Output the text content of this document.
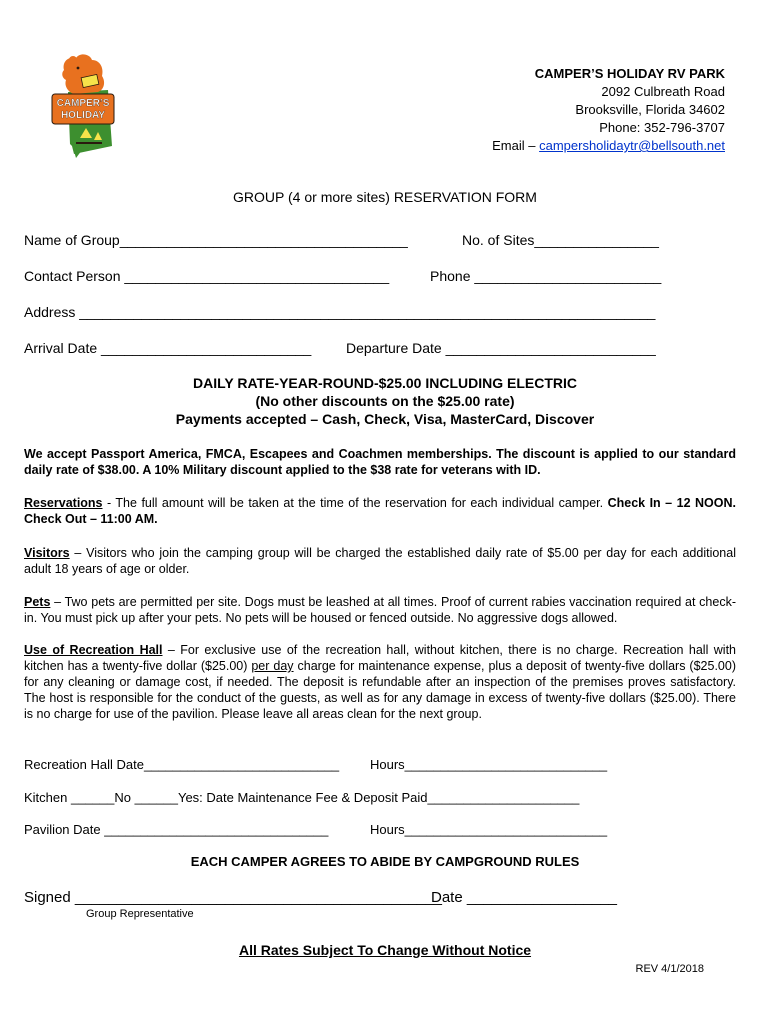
CAMPER’S
HOLIDAY
CAMPER’S HOLIDAY RV PARK
2092 Culbreath Road
Brooksville, Florida 34602
Phone: 352-796-3707
Email – campersholidaytr@bellsouth.net
GROUP (4 or more sites) RESERVATION FORM
Name of Group_____________________________________	No. of Sites________________
Contact Person __________________________________	Phone ________________________
Address __________________________________________________________________________
Arrival Date ___________________________ Departure Date ___________________________
DAILY RATE-YEAR-ROUND-$25.00 INCLUDING ELECTRIC
(No other discounts on the $25.00 rate)
Payments accepted – Cash, Check, Visa, MasterCard, Discover

We accept Passport America, FMCA, Escapees and Coachmen memberships. The discount is applied to our standard daily rate of $38.00. A 10% Military discount applied to the $38 rate for veterans with ID.

Reservations - The full amount will be taken at the time of the reservation for each individual camper. Check In – 12 NOON. Check Out – 11:00 AM.

Visitors – Visitors who join the camping group will be charged the established daily rate of $5.00 per day for each additional adult 18 years of age or older.

Pets – Two pets are permitted per site. Dogs must be leashed at all times. Proof of current rabies vaccination required at check-in. You must pick up after your pets. No pets will be housed or fenced outside. No aggressive dogs allowed.

Use of Recreation Hall – For exclusive use of the recreation hall, without kitchen, there is no charge. Recreation hall with kitchen has a twenty-five dollar ($25.00) per day charge for maintenance expense, plus a deposit of twenty-five dollars ($25.00) for any cleaning or damage cost, if needed. The deposit is refundable after an inspection of the premises proves satisfactory. The host is responsible for the conduct of the guests, as well as for any damage in excess of twenty-five dollars ($25.00). There is no charge for use of the pavilion. Please leave all areas clean for the next group.

Recreation Hall Date___________________________ Hours____________________________
Kitchen ______No ______Yes: Date Maintenance Fee & Deposit Paid_____________________
Pavilion Date _______________________________	Hours____________________________
EACH CAMPER AGREES TO ABIDE BY CAMPGROUND RULES
Signed ____________________________________________
Date __________________
Group Representative
All Rates Subject To Change Without Notice
REV 4/1/2018
